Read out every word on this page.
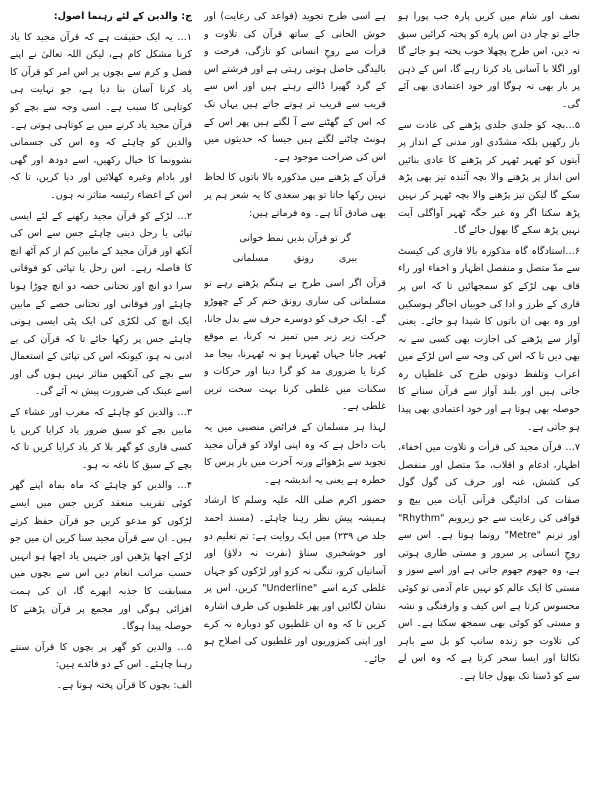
نصف اور شام میں کریں پارہ جب پورا ہو جائے تو چار دن اس پارہ کو پختہ کرائیں سبق نہ دیں، اس طرح پچھلا خوب پختہ ہو جائے گا اور اگلا با آسانی یاد کرتا رہے گا، اس کے ذہن پر بار بھی نہ ہوگا اور خود اعتمادی بھی آئے گی۔

۵…بچہ کو جلدی جلدی پڑھنے کی عادت سے باز رکھیں بلکہ مشدّدی اور مدنی کے انداز پر آیتوں کو ٹھہر ٹھہر کر پڑھنے کا عادی بنائیں اس انداز پر پڑھنے والا بچہ آئندہ تیز بھی پڑھ سکے گا لیکن تیز پڑھنے والا بچہ ٹھہر کر نہیں پڑھ سکتا اگر وہ غیر جگہ ٹھہر آواگلی آیت نہیں پڑھ سکے گا بھول جائے گا۔

۶…استادگاہ گاہ مذکورہ بالا قاری کی کیسٹ سے مدّ متصل و منفصل اظہار و اخفاء اور راء قاف بھی لڑکے کو سمجھائیں تا کہ اس پر قاری کے طرز و ادا کی خوبیاں اجاگر ہوسکیں اور وہ بھی ان باتوں کا شیدا ہو جائے۔ یعنی آواز سے پڑھنے کی اجازت بھی کسی سے نہ بھی دیں تا کہ اس کی وجہ سے اس لڑکے میں اعراب وتلفظ دونوں طرح کی غلطیاں رہ جاتی ہیں اور بلند آواز سے قرآن سنانے کا حوصلہ بھی ہوتا ہے اور خود اعتمادی بھی پیدا ہو جاتی ہے۔

۷… قرآن مجید کی قرأت و تلاوت میں اخفاء، اظہار، ادغام و اقلاب، مدّ متصل اور منفصل کی کشش، غنہ اور حرف کی گول گول صفات کی ادائیگی قرآنی آیات میں بیچ و قوافی کی رعایت سے جو زیروبم "Rhythm" اور ترنم "Metre" رونما ہوتا ہے۔ اس سے روحِ انسانی پر سرور و مستی طاری ہوتی ہے، وہ جھوم جھوم جاتی ہے اور اسے سوز و مستی کا ایک عالم کو نہیں عام آدمی تو کوئی محسوس کرتا ہے اس کیف و وارفتگی و نشہ و مستی کو کوئی بھی سمجھ سکتا ہے۔ اس کی تلاوت جو زندہ سانپ کو بل سے باہر نکالتا اور ایسا سحر کرتا ہے کہ وہ اس لے سے کو ڈسنا تک بھول جاتا ہے۔

ہے اسی طرح تجوید (قواعد کی رعایت) اور خوش الحانی کے ساتھ قرآن کی تلاوت و قرأت سے روحِ انسانی کو تازگی، فرحت و بالیدگی حاصل ہوتی رہتی ہے اور فرشتے اس کے گرد گھیرا ڈالتے رہتے ہیں اور اس سے قریب سے قریب تر ہوتے جاتے ہیں یہاں تک کہ اس کے گھٹنے سے آ لگتے ہیں پھر اس کے ہونٹ چاٹنے لگتے ہیں جیسا کہ حدیثوں میں اس کی صراحت موجود ہے۔

قرآن کے پڑھنے میں مذکورہ بالا باتوں کا لحاظ نہیں رکھا جاتا تو پھر سعدی کا یہ شعر ہم پر بھی صادق آتا ہے۔ وہ فرماتے ہیں:

گر تو قرآن بدیں نمط خوانی
ببری رونق مسلمانی

قرآن اگر اسی طرح بے ہنگم پڑھتے رہے تو مسلمانی کی ساری رونق ختم کر کے چھوڑو گے۔ ایک حرف کو دوسرے حرف سے بدل جانا، حرکت زیر زبر میں تمیز نہ کرنا، بے موقع ٹھہر جانا جہاں ٹھہرنا ہو نہ ٹھہرنا، بیجا مد کرنا یا ضروری مد کو گرا دینا اور حرکات و سکنات میں غلطی کرنا بہت سخت ترین غلطی ہے۔

لہذا ہر مسلمان کے فرائض منصبی میں یہ بات داخل ہے کہ وہ اپنی اولاد کو قرآن مجید تجوید سے پڑھوائے ورنہ آخرت میں باز پرس کا خطرہ ہے یعنی یہ اندیشہ ہے۔

حضور اکرم صلی اللہ علیہ وسلم کا ارشاد ہمیشہ پیش نظر رہنا چاہئے۔ (مسند احمد جلد ص ۲۳۹) میں ایک روایت ہے: تم تعلیم دو اور خوشخبری سناؤ (نفرت نہ دلاؤ) اور آسانیاں کرو، تنگی نہ کرو اور لڑکوں کو جہاں غلطی کرے اسے "Underline" کریں، اس پر نشان لگائیں اور پھر غلطیوں کی طرف اشارہ کریں تا کہ وہ ان غلطیوں کو دوبارہ نہ کرے اور اپنی کمزوریوں اور غلطیوں کی اصلاح ہو جائے۔

ج: والدین کے لئے رہنما اصول:

۱… یہ ایک حقیقت ہے کہ قرآن مجید کا یاد کرنا مشکل کام ہے، لیکن اللہ تعالیٰ نے اپنے فضل و کرم سے بچوں پر اس امر کو قرآن کا یاد کرنا آسان بنا دیا ہے، جو نہایت ہی کوتاہی کا سبب ہے۔ اسی وجہ سے بچے کو قرآن مجید یاد کرنے میں بے کوتاہی ہوتی ہے۔ والدین کو چاہئے کہ وہ اس کی جسمانی نشوونما کا خیال رکھیں، اسے دودھ اور گھی اور بادام وغیرہ کھلائیں اور دیا کریں، تا کہ اس کے اعضاء رئیسہ متاثر نہ ہوں۔

۲… لڑکے کو قرآن مجید رکھنے کے لئے ایسی تپائی یا رحل دینی چاہئے جس سے اس کی آنکھ اور قرآن مجید کے مابین کم از کم آٹھ انچ کا فاصلہ رہے۔ اس رحل یا تپائی کو فوقانی سرا دو انچ اور تحتانی حصہ دو انچ چوڑا ہونا چاہئے اور فوقانی اور تحتانی حصے کے مابین ایک انچ کی لکڑی کی ایک پٹی ایسی ہونی چاہئے جس پر رکھا جائے تا کہ قرآن کی بے ادبی نہ ہو، کیونکہ اس کی تپائی کے استعمال سے بچے کی آنکھیں متاثر نہیں ہوں گی اور اسے عینک کی ضرورت پیش نہ آئے گی۔

۳… والدین کو چاہئے کہ مغرب اور عشاء کے مابین بچے کو سبق ضرور یاد کرایا کریں یا کسی قاری کو گھر بلا کر یاد کرایا کریں تا کہ بچے کے سبق کا ناغہ نہ ہو۔

۴… والدین کو چاہئے کہ ماہ بماہ اپنے گھر کوئی تقریب منعقد کریں جس میں ایسے لڑکوں کو مدعو کریں جو قرآن حفظ کرتے ہیں۔ ان سے قرآن مجید سنا کریں ان میں جو لڑکے اچھا پڑھیں اور جنہیں یاد اچھا ہو انہیں حسب مراتب انعام دیں اس سے بچوں میں مسابقت کا جذبہ ابھرے گا، ان کی ہمت افزائی ہوگی اور مجمع پر قرآن پڑھنے کا حوصلہ پیدا ہوگا۔

۵… والدین کو گھر پر بچوں کا قرآن سنتے رہنا چاہئے۔ اس کے دو فائدے ہیں:

الف: بچوں کا قرآن پختہ ہوتا ہے۔
